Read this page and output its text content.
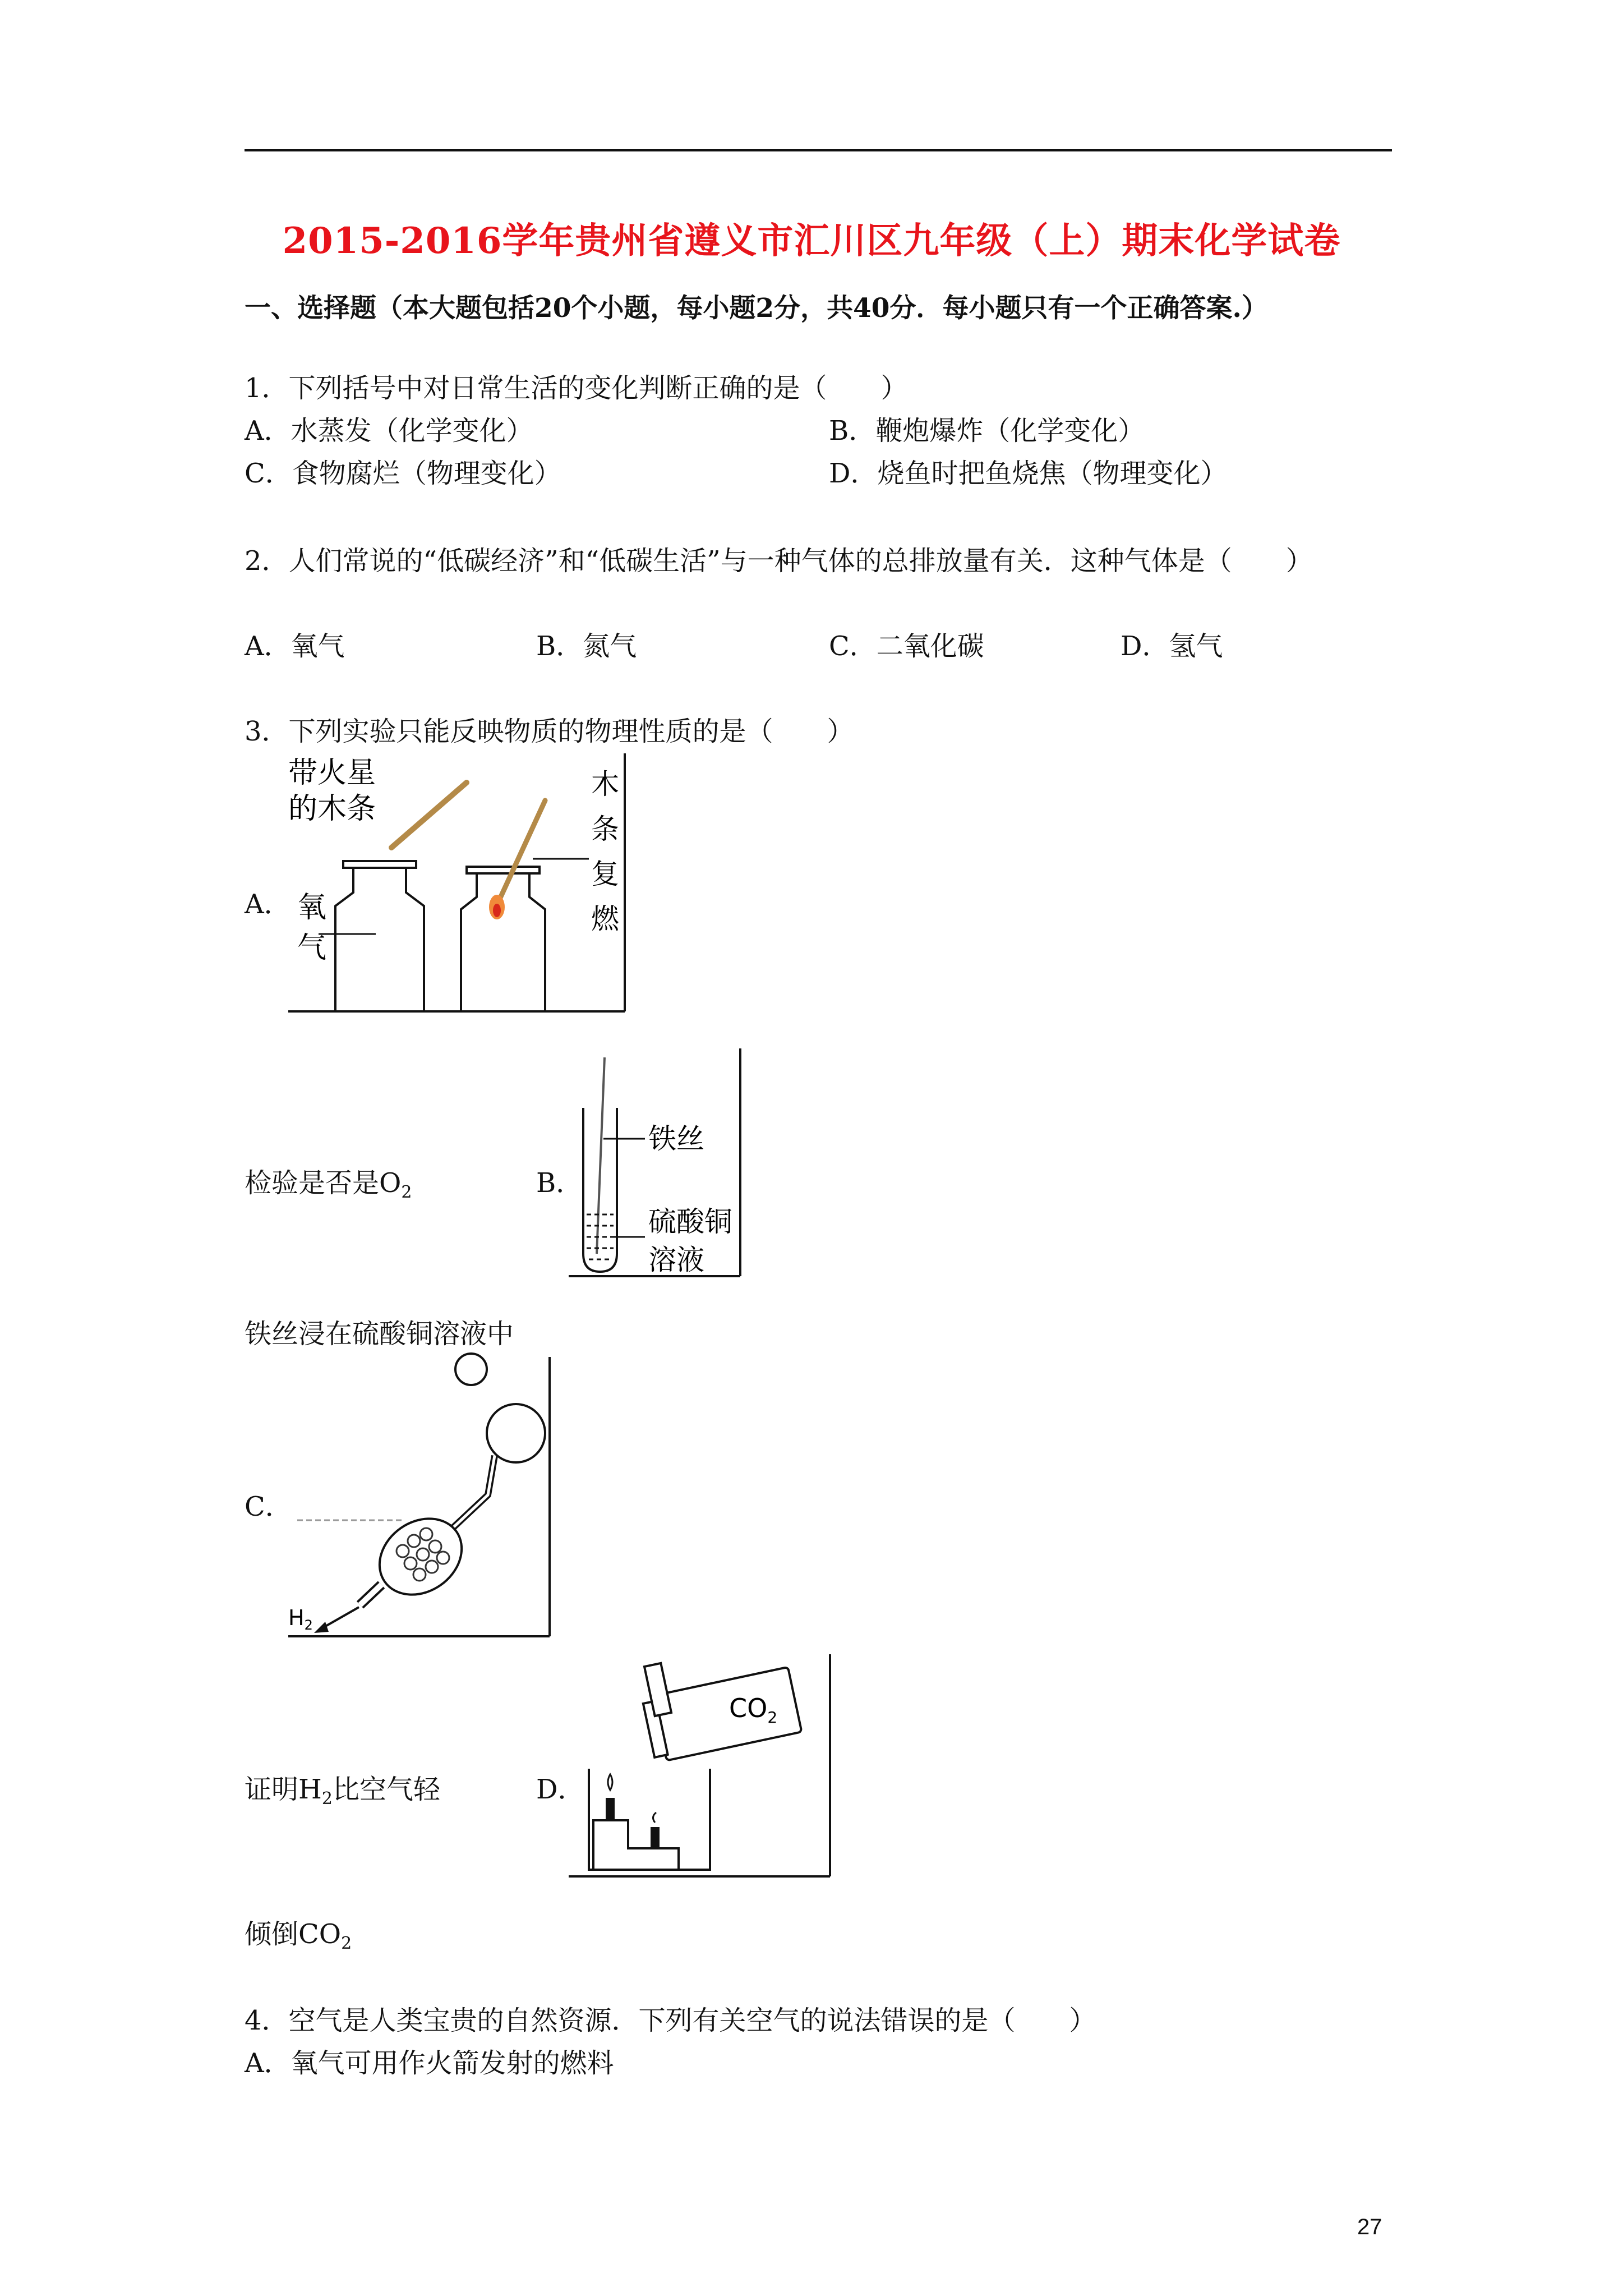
2015-2016学年贵州省遵义市汇川区九年级（上）期末化学试卷
一、选择题（本大题包括20个小题，每小题2分，共40分．每小题只有一个正确答案.）
1．下列括号中对日常生活的变化判断正确的是（　　）
A．水蒸发（化学变化）	B．鞭炮爆炸（化学变化）
C．食物腐烂（物理变化）	D．烧鱼时把鱼烧焦（物理变化）
2．人们常说的“低碳经济”和“低碳生活”与一种气体的总排放量有关．这种气体是（　　）
A．氧气	B．氮气	C．二氧化碳	D．氢气
3．下列实验只能反映物质的物理性质的是（　　）
A．
带火星
的木条
氧
气
木
条
复
燃
检验是否是$O_2$	B．
铁丝
硫酸铜
溶液
铁丝浸在硫酸铜溶液中
C．
$H_2$
证明$H_2$比空气轻	D．
$CO_2$
倾倒$CO_2$
4．空气是人类宝贵的自然资源．下列有关空气的说法错误的是（　　）
A．氧气可用作火箭发射的燃料
27
